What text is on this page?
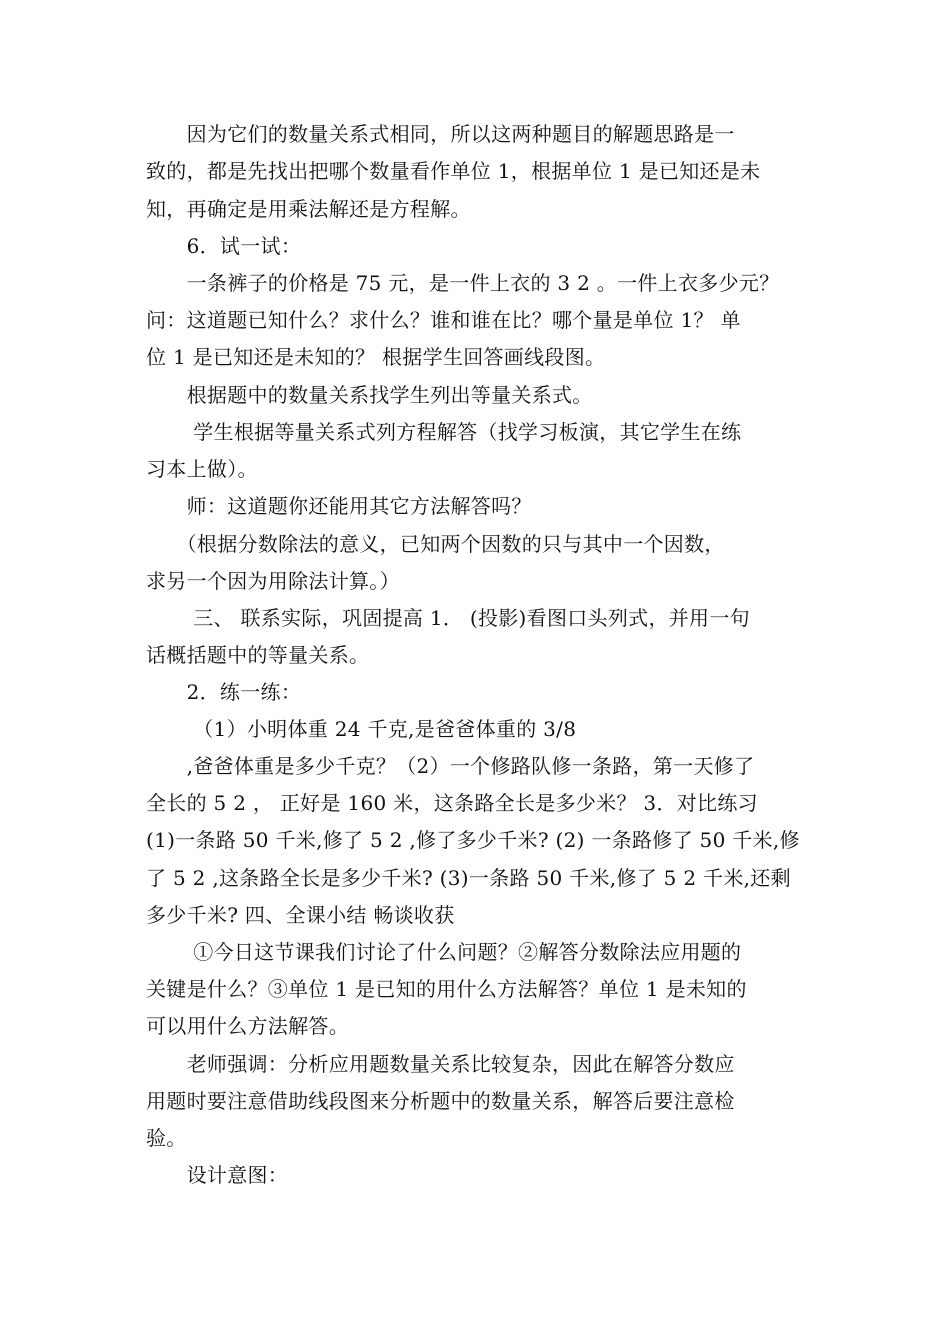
　　因为它们的数量关系式相同，所以这两种题目的解题思路是一
致的，都是先找出把哪个数量看作单位 1，根据单位 1 是已知还是未
知，再确定是用乘法解还是方程解。
　　6．试一试：
　　一条裤子的价格是 75 元，是一件上衣的 3 2 。一件上衣多少元？
问：这道题已知什么？求什么？谁和谁在比？哪个量是单位 1？ 单
位 1 是已知还是未知的？ 根据学生回答画线段图。
　　根据题中的数量关系找学生列出等量关系式。
　　 学生根据等量关系式列方程解答（找学习板演，其它学生在练
习本上做）。
　　师：这道题你还能用其它方法解答吗？
　　（根据分数除法的意义，已知两个因数的只与其中一个因数，
求另一个因为用除法计算。）
　　 三、 联系实际，巩固提高 1． (投影)看图口头列式，并用一句
话概括题中的等量关系。
　　2．练一练：
　　 （1）小明体重 24 千克,是爸爸体重的 3/8
　　,爸爸体重是多少千克？（2）一个修路队修一条路，第一天修了
全长的 5 2 ， 正好是 160 米，这条路全长是多少米？ 3．对比练习
(1)一条路 50 千米,修了 5 2 ,修了多少千米? (2) 一条路修了 50 千米,修
了 5 2 ,这条路全长是多少千米? (3)一条路 50 千米,修了 5 2 千米,还剩
多少千米? 四、全课小结 畅谈收获
　　 ①今日这节课我们讨论了什么问题？②解答分数除法应用题的
关键是什么？③单位 1 是已知的用什么方法解答？单位 1 是未知的
可以用什么方法解答。
　　老师强调：分析应用题数量关系比较复杂，因此在解答分数应
用题时要注意借助线段图来分析题中的数量关系，解答后要注意检
验。
　　设计意图：
